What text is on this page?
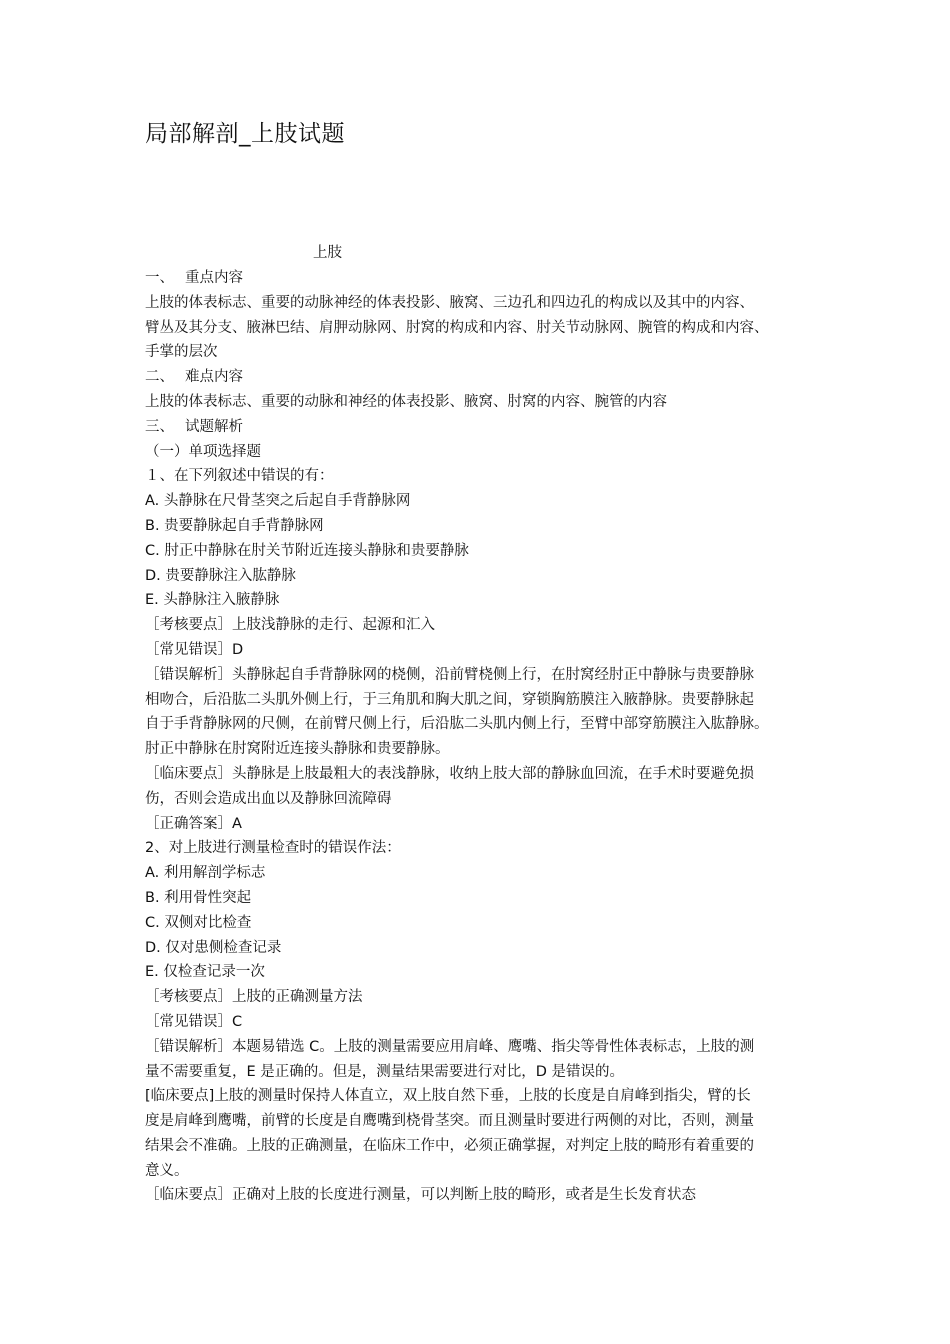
局部解剖_上肢试题
上肢
一、 重点内容
上肢的体表标志、重要的动脉神经的体表投影、腋窝、三边孔和四边孔的构成以及其中的内容、
臂丛及其分支、腋淋巴结、肩胛动脉网、肘窝的构成和内容、肘关节动脉网、腕管的构成和内容、
手掌的层次
二、 难点内容
上肢的体表标志、重要的动脉和神经的体表投影、腋窝、肘窝的内容、腕管的内容
三、 试题解析
（一）单项选择题
１、在下列叙述中错误的有：
A. 头静脉在尺骨茎突之后起自手背静脉网
B. 贵要静脉起自手背静脉网
C. 肘正中静脉在肘关节附近连接头静脉和贵要静脉
D. 贵要静脉注入肱静脉
E. 头静脉注入腋静脉
［考核要点］上肢浅静脉的走行、起源和汇入
［常见错误］D
［错误解析］头静脉起自手背静脉网的桡侧，沿前臂桡侧上行，在肘窝经肘正中静脉与贵要静脉
相吻合，后沿肱二头肌外侧上行，于三角肌和胸大肌之间，穿锁胸筋膜注入腋静脉。贵要静脉起
自于手背静脉网的尺侧，在前臂尺侧上行，后沿肱二头肌内侧上行，至臂中部穿筋膜注入肱静脉。
肘正中静脉在肘窝附近连接头静脉和贵要静脉。
［临床要点］头静脉是上肢最粗大的表浅静脉，收纳上肢大部的静脉血回流，在手术时要避免损
伤，否则会造成出血以及静脉回流障碍
［正确答案］A
2、对上肢进行测量检查时的错误作法：
A. 利用解剖学标志
B. 利用骨性突起
C. 双侧对比检查
D. 仅对患侧检查记录
E. 仅检查记录一次
［考核要点］上肢的正确测量方法
［常见错误］C
［错误解析］本题易错选 C。上肢的测量需要应用肩峰、鹰嘴、指尖等骨性体表标志，上肢的测
量不需要重复，E 是正确的。但是，测量结果需要进行对比，D 是错误的。
[临床要点]上肢的测量时保持人体直立，双上肢自然下垂，上肢的长度是自肩峰到指尖，臂的长
度是肩峰到鹰嘴，前臂的长度是自鹰嘴到桡骨茎突。而且测量时要进行两侧的对比，否则，测量
结果会不准确。上肢的正确测量，在临床工作中，必须正确掌握，对判定上肢的畸形有着重要的
意义。
［临床要点］正确对上肢的长度进行测量，可以判断上肢的畸形，或者是生长发育状态
